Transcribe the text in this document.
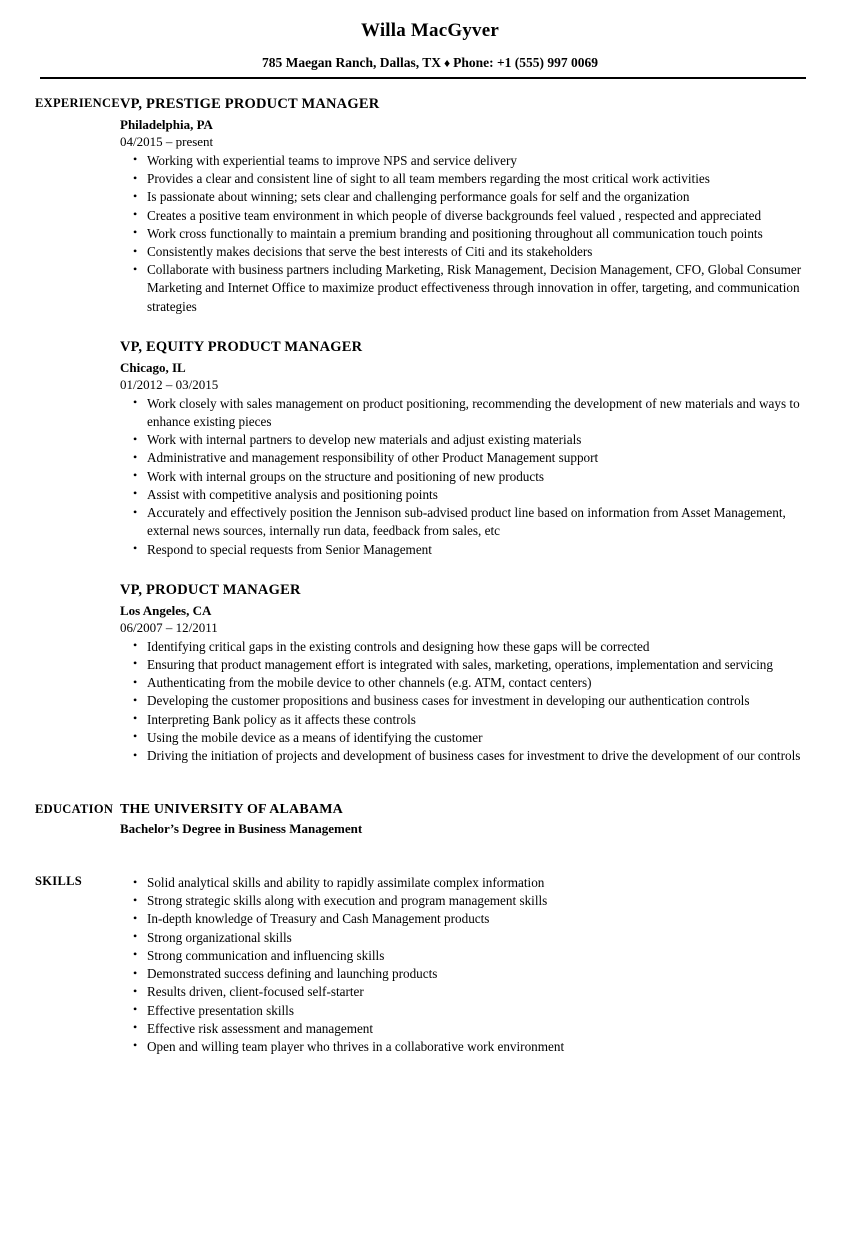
Willa MacGyver
785 Maegan Ranch, Dallas, TX ♦ Phone: +1 (555) 997 0069
EXPERIENCE VP, PRESTIGE PRODUCT MANAGER
Philadelphia, PA
04/2015 – present
• Working with experiential teams to improve NPS and service delivery
• Provides a clear and consistent line of sight to all team members regarding the most critical work activities
• Is passionate about winning; sets clear and challenging performance goals for self and the organization
• Creates a positive team environment in which people of diverse backgrounds feel valued , respected and appreciated
• Work cross functionally to maintain a premium branding and positioning throughout all communication touch points
• Consistently makes decisions that serve the best interests of Citi and its stakeholders
• Collaborate with business partners including Marketing, Risk Management, Decision Management, CFO, Global Consumer Marketing and Internet Office to maximize product effectiveness through innovation in offer, targeting, and communication strategies
VP, EQUITY PRODUCT MANAGER
Chicago, IL
01/2012 – 03/2015
• Work closely with sales management on product positioning, recommending the development of new materials and ways to enhance existing pieces
• Work with internal partners to develop new materials and adjust existing materials
• Administrative and management responsibility of other Product Management support
• Work with internal groups on the structure and positioning of new products
• Assist with competitive analysis and positioning points
• Accurately and effectively position the Jennison sub-advised product line based on information from Asset Management, external news sources, internally run data, feedback from sales, etc
• Respond to special requests from Senior Management
VP, PRODUCT MANAGER
Los Angeles, CA
06/2007 – 12/2011
• Identifying critical gaps in the existing controls and designing how these gaps will be corrected
• Ensuring that product management effort is integrated with sales, marketing, operations, implementation and servicing
• Authenticating from the mobile device to other channels (e.g. ATM, contact centers)
• Developing the customer propositions and business cases for investment in developing our authentication controls
• Interpreting Bank policy as it affects these controls
• Using the mobile device as a means of identifying the customer
• Driving the initiation of projects and development of business cases for investment to drive the development of our controls
EDUCATION THE UNIVERSITY OF ALABAMA
Bachelor’s Degree in Business Management
SKILLS	• Solid analytical skills and ability to rapidly assimilate complex information
• Strong strategic skills along with execution and program management skills
• In-depth knowledge of Treasury and Cash Management products
• Strong organizational skills
• Strong communication and influencing skills
• Demonstrated success defining and launching products
• Results driven, client-focused self-starter
• Effective presentation skills
• Effective risk assessment and management
• Open and willing team player who thrives in a collaborative work environment
